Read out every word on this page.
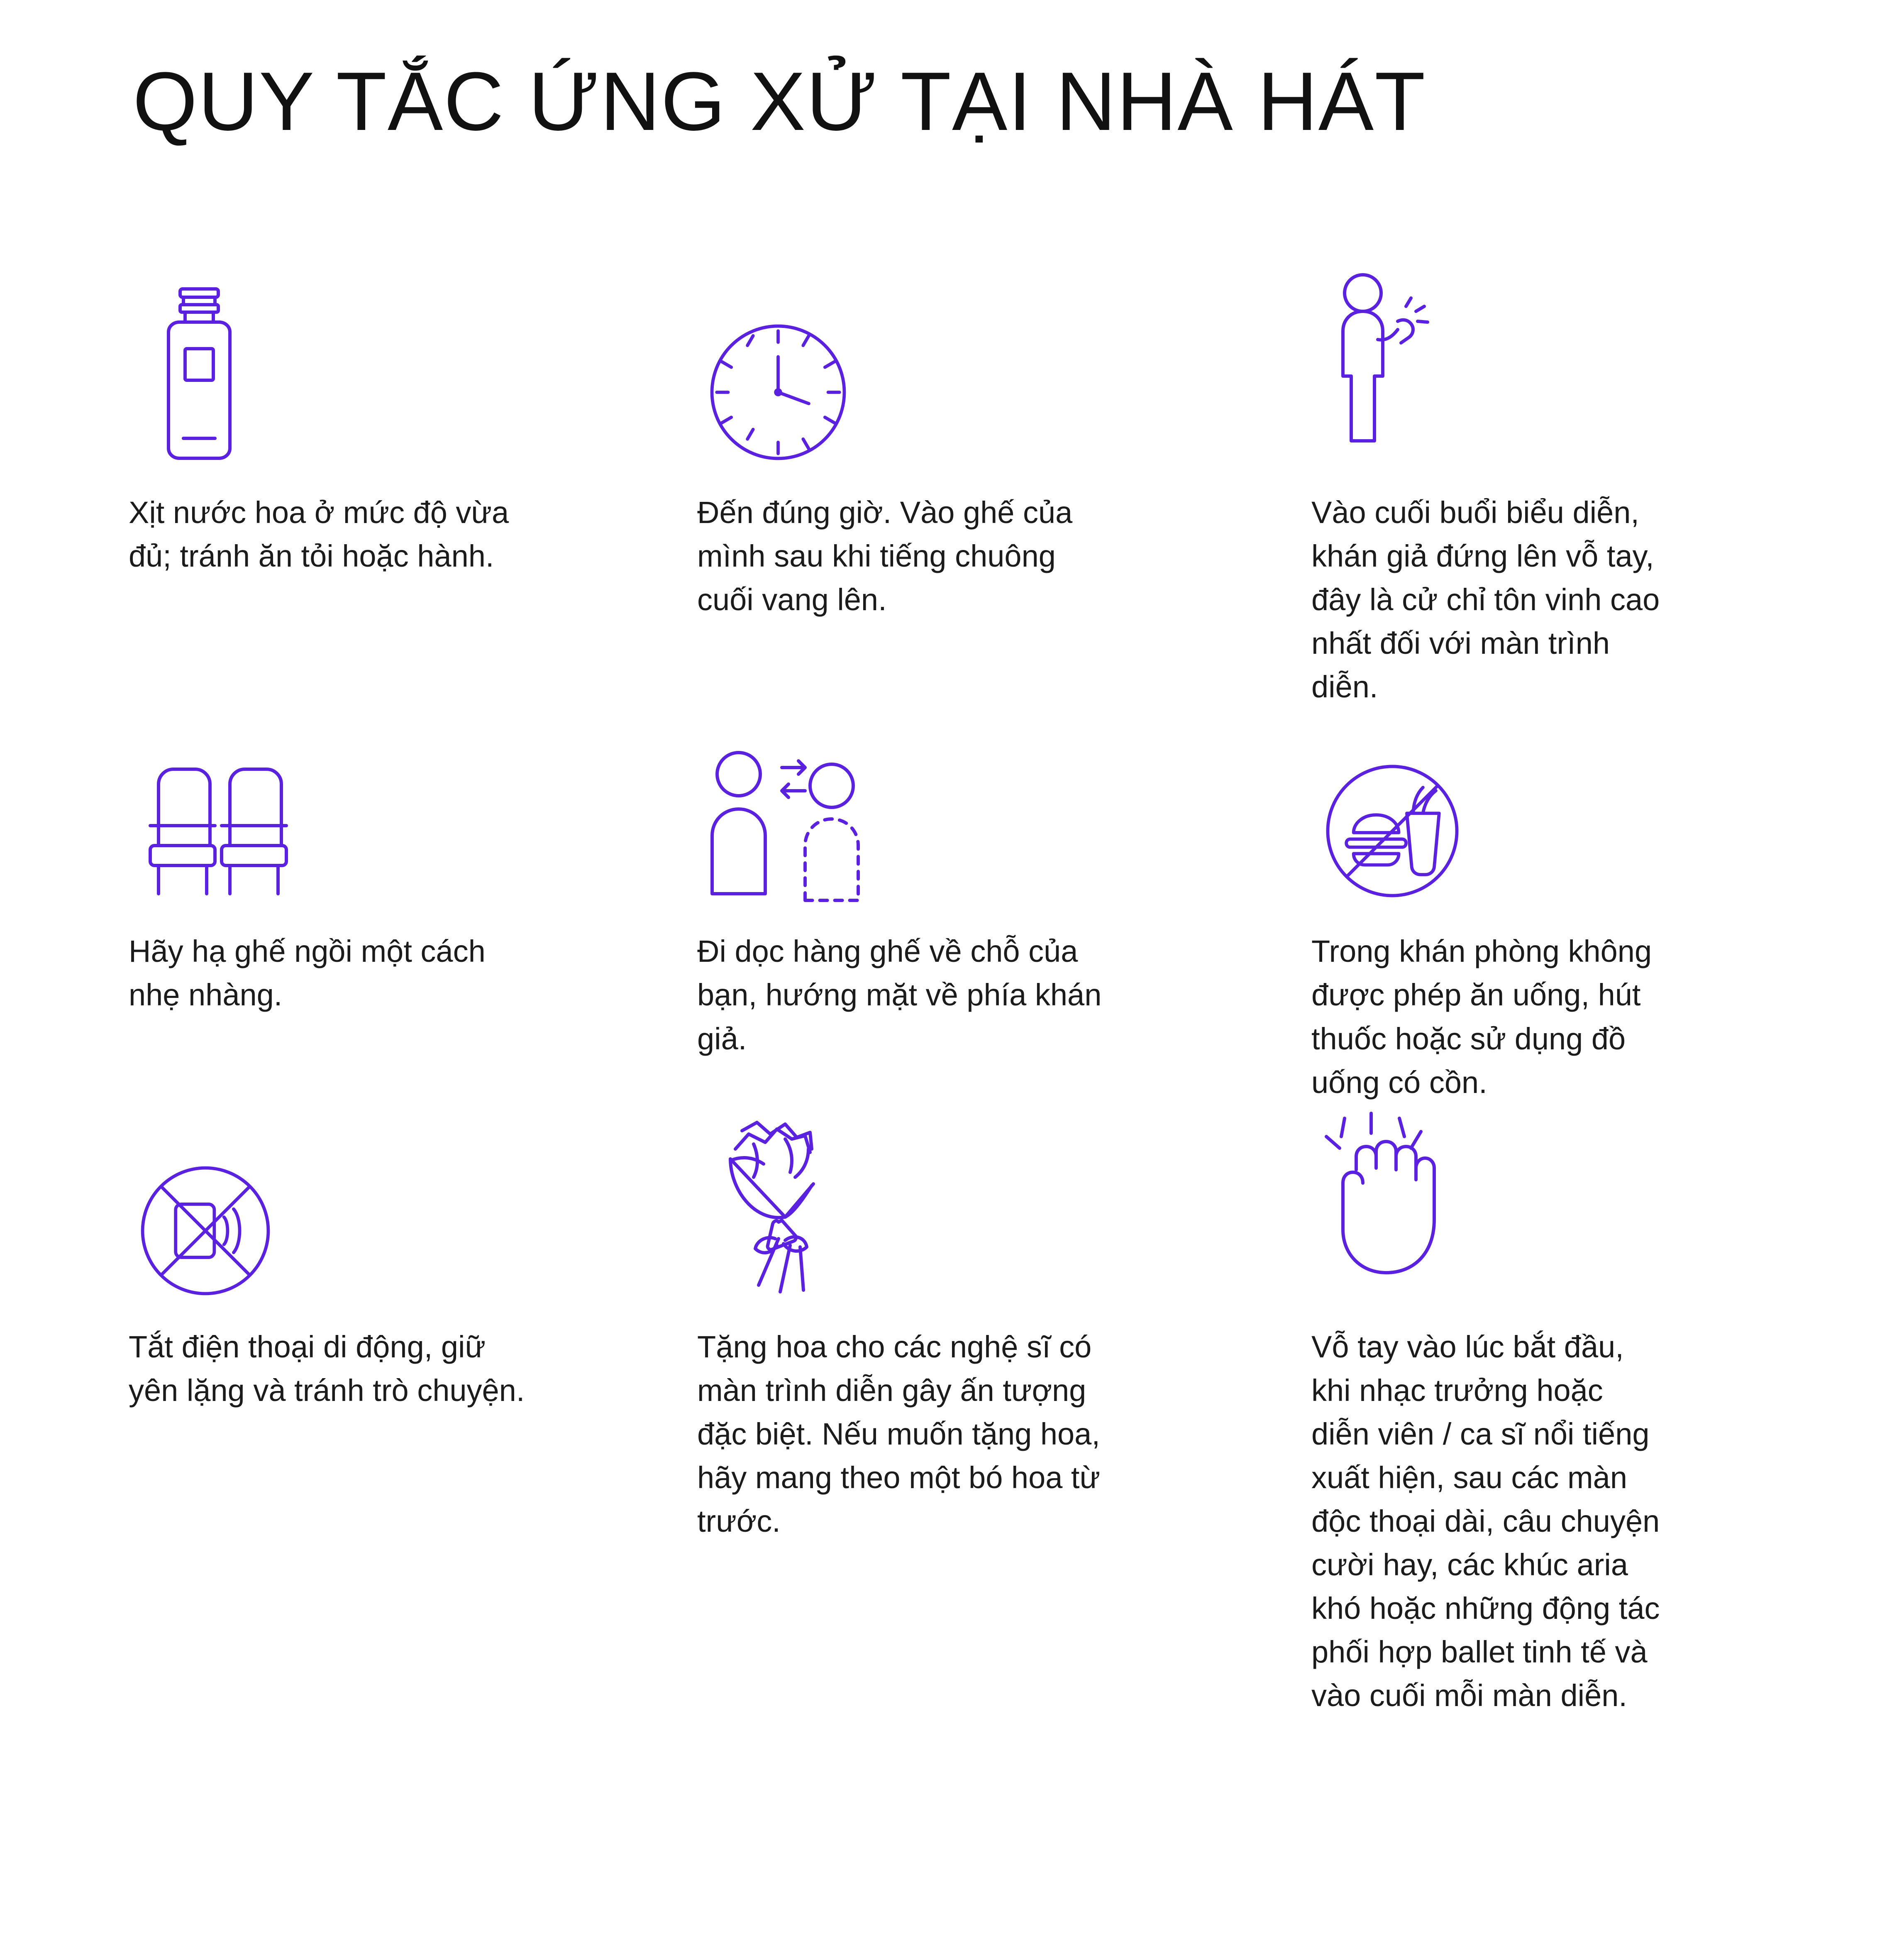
QUY TẮC ỨNG XỬ TẠI NHÀ HÁT
Xịt nước hoa ở mức độ vừa đủ; tránh ăn tỏi hoặc hành.
Đến đúng giờ. Vào ghế của mình sau khi tiếng chuông cuối vang lên.
Vào cuối buổi biểu diễn, khán giả đứng lên vỗ tay, đây là cử chỉ tôn vinh cao nhất đối với màn trình diễn.
Hãy hạ ghế ngồi một cách nhẹ nhàng.
Đi dọc hàng ghế về chỗ của bạn, hướng mặt về phía khán giả.
Trong khán phòng không được phép ăn uống, hút thuốc hoặc sử dụng đồ uống có cồn.
Tắt điện thoại di động, giữ yên lặng và tránh trò chuyện.
Tặng hoa cho các nghệ sĩ có màn trình diễn gây ấn tượng đặc biệt. Nếu muốn tặng hoa, hãy mang theo một bó hoa từ trước.
Vỗ tay vào lúc bắt đầu, khi nhạc trưởng hoặc diễn viên / ca sĩ nổi tiếng xuất hiện, sau các màn độc thoại dài, câu chuyện cười hay, các khúc aria khó hoặc những động tác phối hợp ballet tinh tế và vào cuối mỗi màn diễn.
